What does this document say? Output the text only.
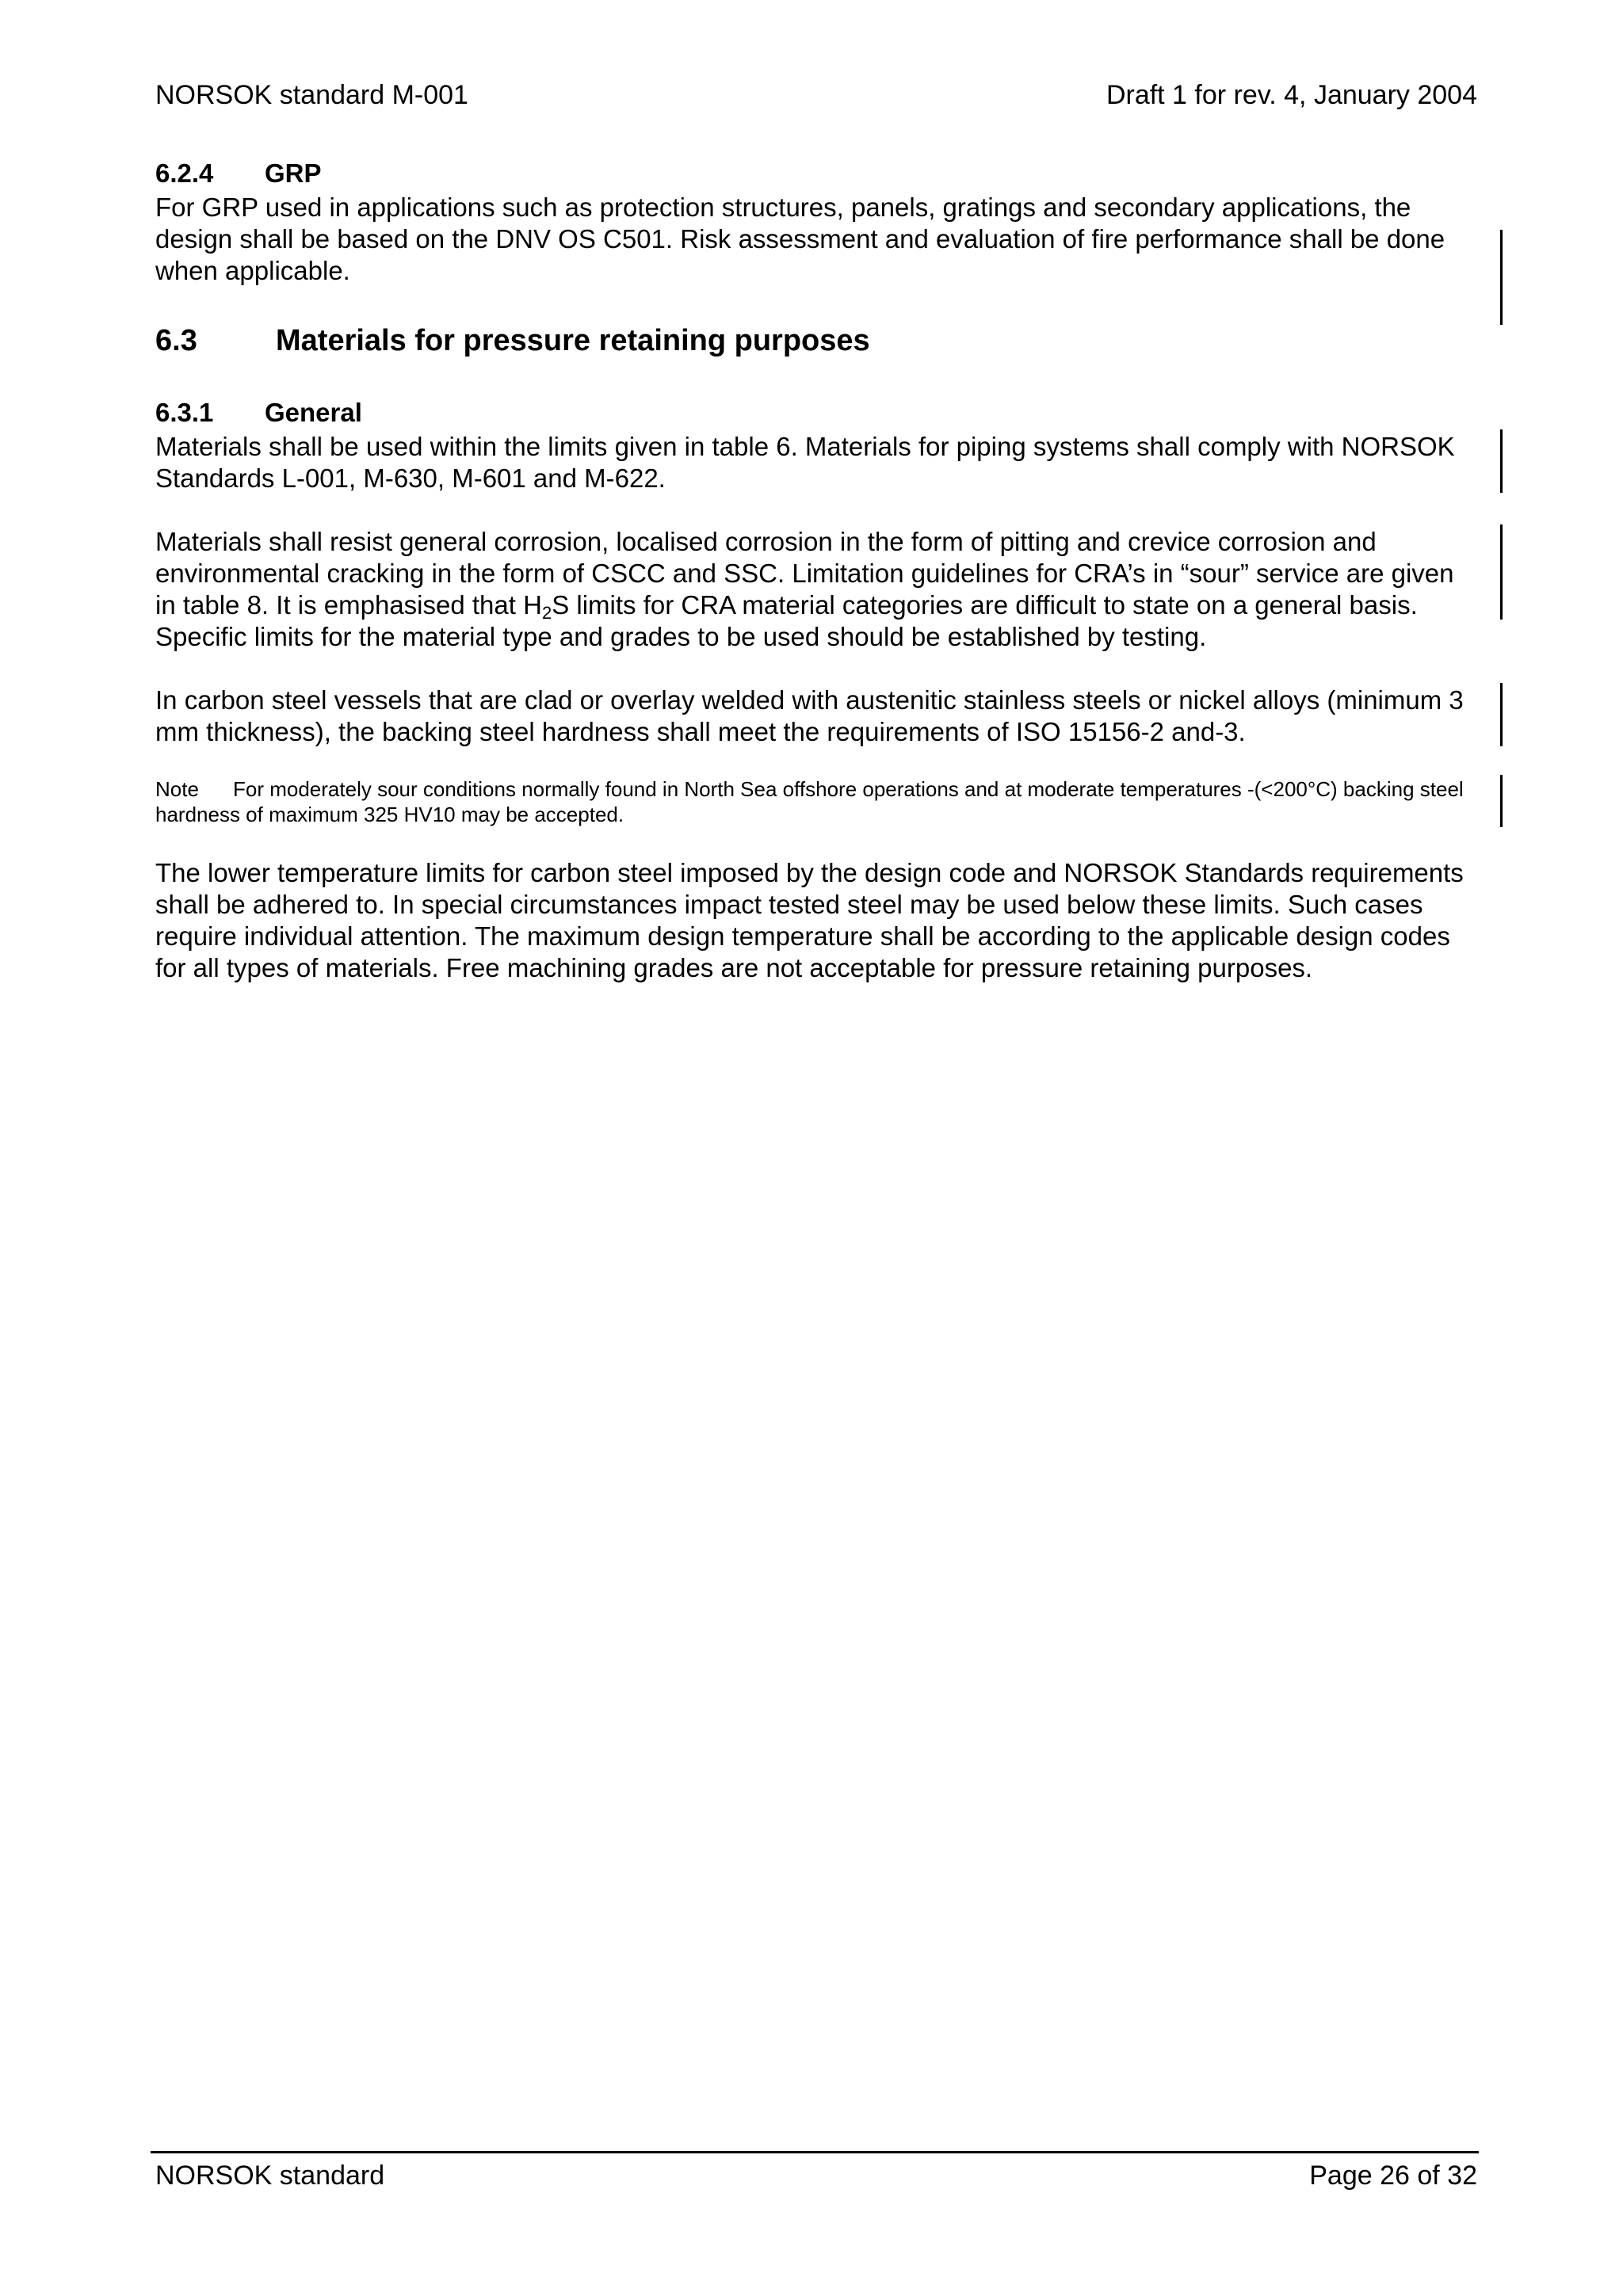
NORSOK standard M-001	Draft 1 for rev. 4, January 2004
6.2.4	GRP

For GRP used in applications such as protection structures, panels, gratings and secondary applications, the design shall be based on the DNV OS C501. Risk assessment and evaluation of fire performance shall be done when applicable.

6.3	Materials for pressure retaining purposes
6.3.1	General

Materials shall be used within the limits given in table 6. Materials for piping systems shall comply with NORSOK Standards L-001, M-630, M-601 and M-622.

Materials shall resist general corrosion, localised corrosion in the form of pitting and crevice corrosion and environmental cracking in the form of CSCC and SSC. Limitation guidelines for CRA’s in “sour” service are given in table 8. It is emphasised that $H_2S$ limits for CRA material categories are difficult to state on a general basis. Specific limits for the material type and grades to be used should be established by testing.

In carbon steel vessels that are clad or overlay welded with austenitic stainless steels or nickel alloys (minimum 3 mm thickness), the backing steel hardness shall meet the requirements of ISO 15156-2 and-3.

Note For moderately sour conditions normally found in North Sea offshore operations and at moderate temperatures -(<200°C) backing steel hardness of maximum 325 HV10 may be accepted.

The lower temperature limits for carbon steel imposed by the design code and NORSOK Standards requirements shall be adhered to. In special circumstances impact tested steel may be used below these limits. Such cases require individual attention. The maximum design temperature shall be according to the applicable design codes for all types of materials. Free machining grades are not acceptable for pressure retaining purposes.

NORSOK standard	Page 26 of 32
